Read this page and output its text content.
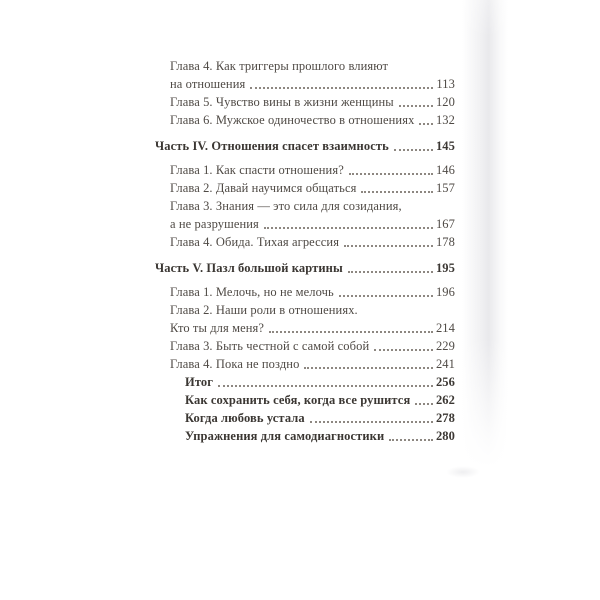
Глава 4. Как триггеры прошлого влияют
на отношения	113
Глава 5. Чувство вины в жизни женщины	120
Глава 6. Мужское одиночество в отношениях 132
Часть IV. Отношения спасет взаимность	145
Глава 1. Как спасти отношения?	146
Глава 2. Давай научимся общаться	157
Глава 3. Знания — это сила для созидания,
а не разрушения	167
Глава 4. Обида. Тихая агрессия	178
Часть V. Пазл большой картины	195
Глава 1. Мелочь, но не мелочь	196
Глава 2. Наши роли в отношениях.
Кто ты для меня?	214
Глава 3. Быть честной с самой собой	229
Глава 4. Пока не поздно	241
Итог	256
Как сохранить себя, когда все рушится 262
Когда любовь устала	278
Упражнения для самодиагностики	280
